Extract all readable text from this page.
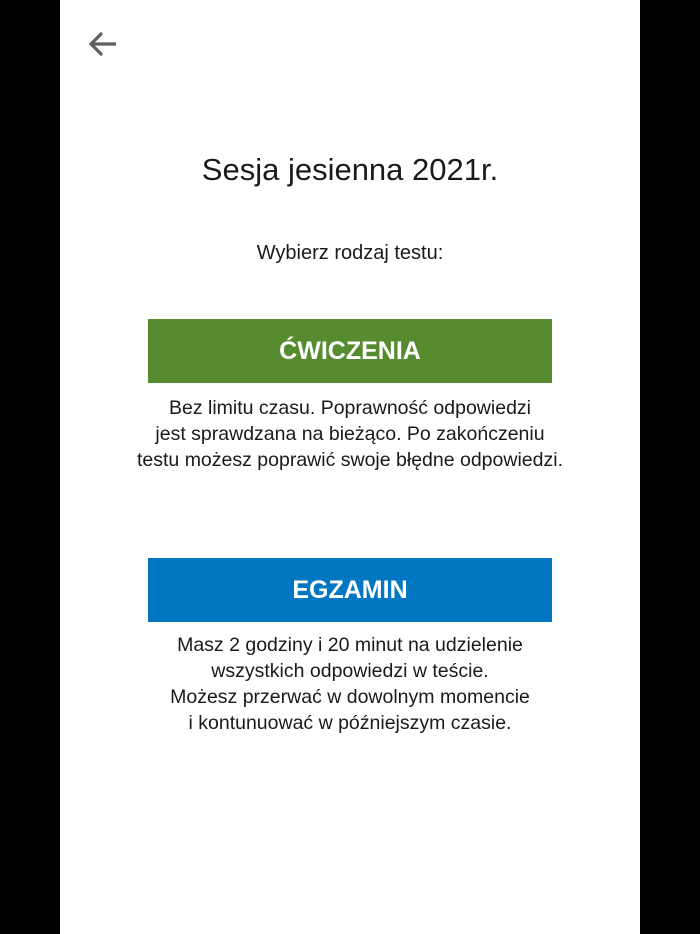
Sesja jesienna 2021r.
Wybierz rodzaj testu:
ĆWICZENIA
Bez limitu czasu. Poprawność odpowiedzi
jest sprawdzana na bieżąco. Po zakończeniu
testu możesz poprawić swoje błędne odpowiedzi.
EGZAMIN
Masz 2 godziny i 20 minut na udzielenie
wszystkich odpowiedzi w teście.
Możesz przerwać w dowolnym momencie
i kontunuować w późniejszym czasie.
